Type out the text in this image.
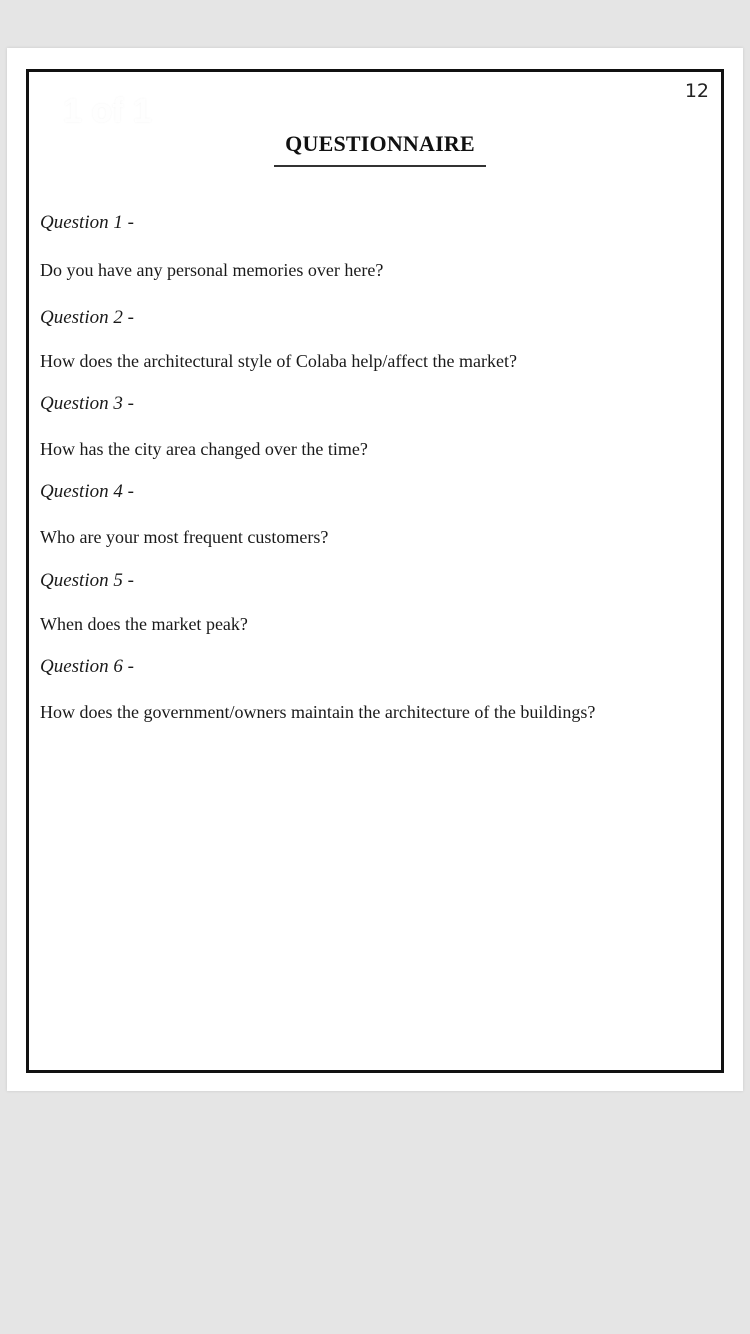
1 of 1
12
QUESTIONNAIRE
Question 1 -
Do you have any personal memories over here?
Question 2 -
How does the architectural style of Colaba help/affect the market?
Question 3 -
How has the city area changed over the time?
Question 4 -
Who are your most frequent customers?
Question 5 -
When does the market peak?
Question 6 -
How does the government/owners maintain the architecture of the buildings?
